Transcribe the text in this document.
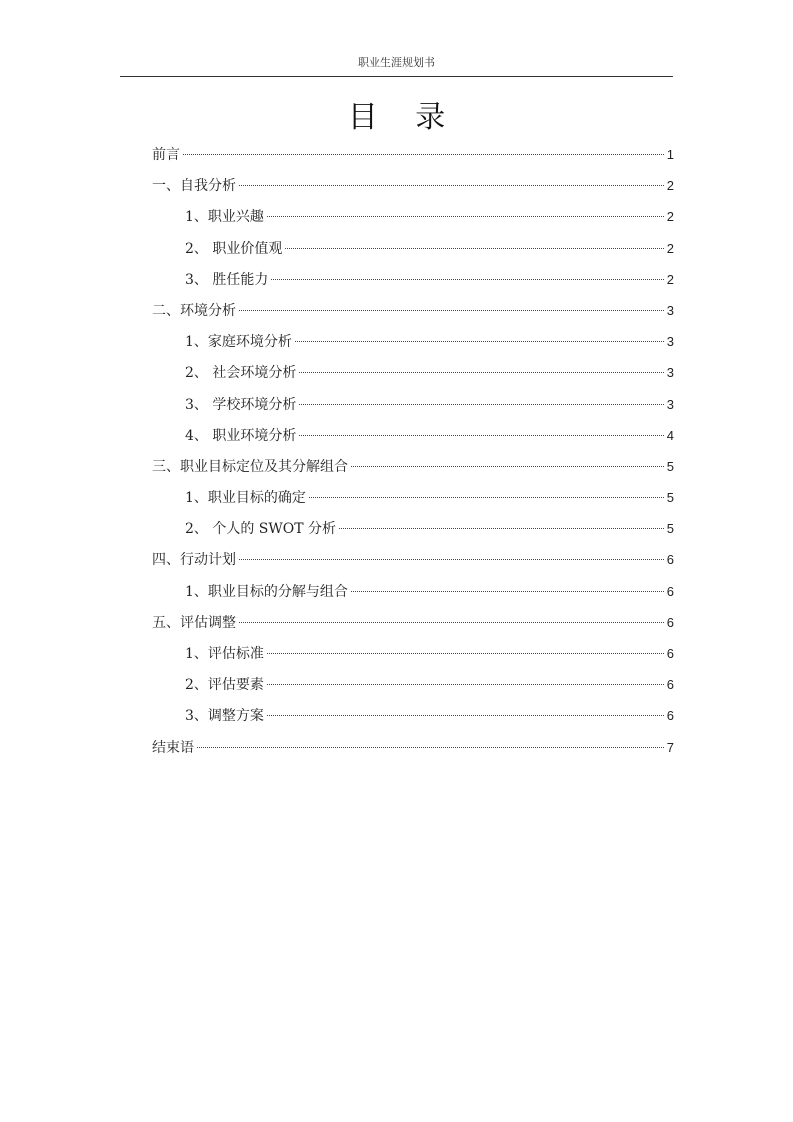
职业生涯规划书
目 录
前言	1
一、自我分析	2
1、职业兴趣	2
2、 职业价值观	2
3、 胜任能力	2
二、环境分析	3
1、家庭环境分析	3
2、 社会环境分析	3
3、 学校环境分析	3
4、 职业环境分析	4
三、职业目标定位及其分解组合	5
1、职业目标的确定	5
2、 个人的 SWOT 分析	5
四、行动计划	6
1、职业目标的分解与组合	6
五、评估调整	6
1、评估标准	6
2、评估要素	6
3、调整方案	6
结束语	7
